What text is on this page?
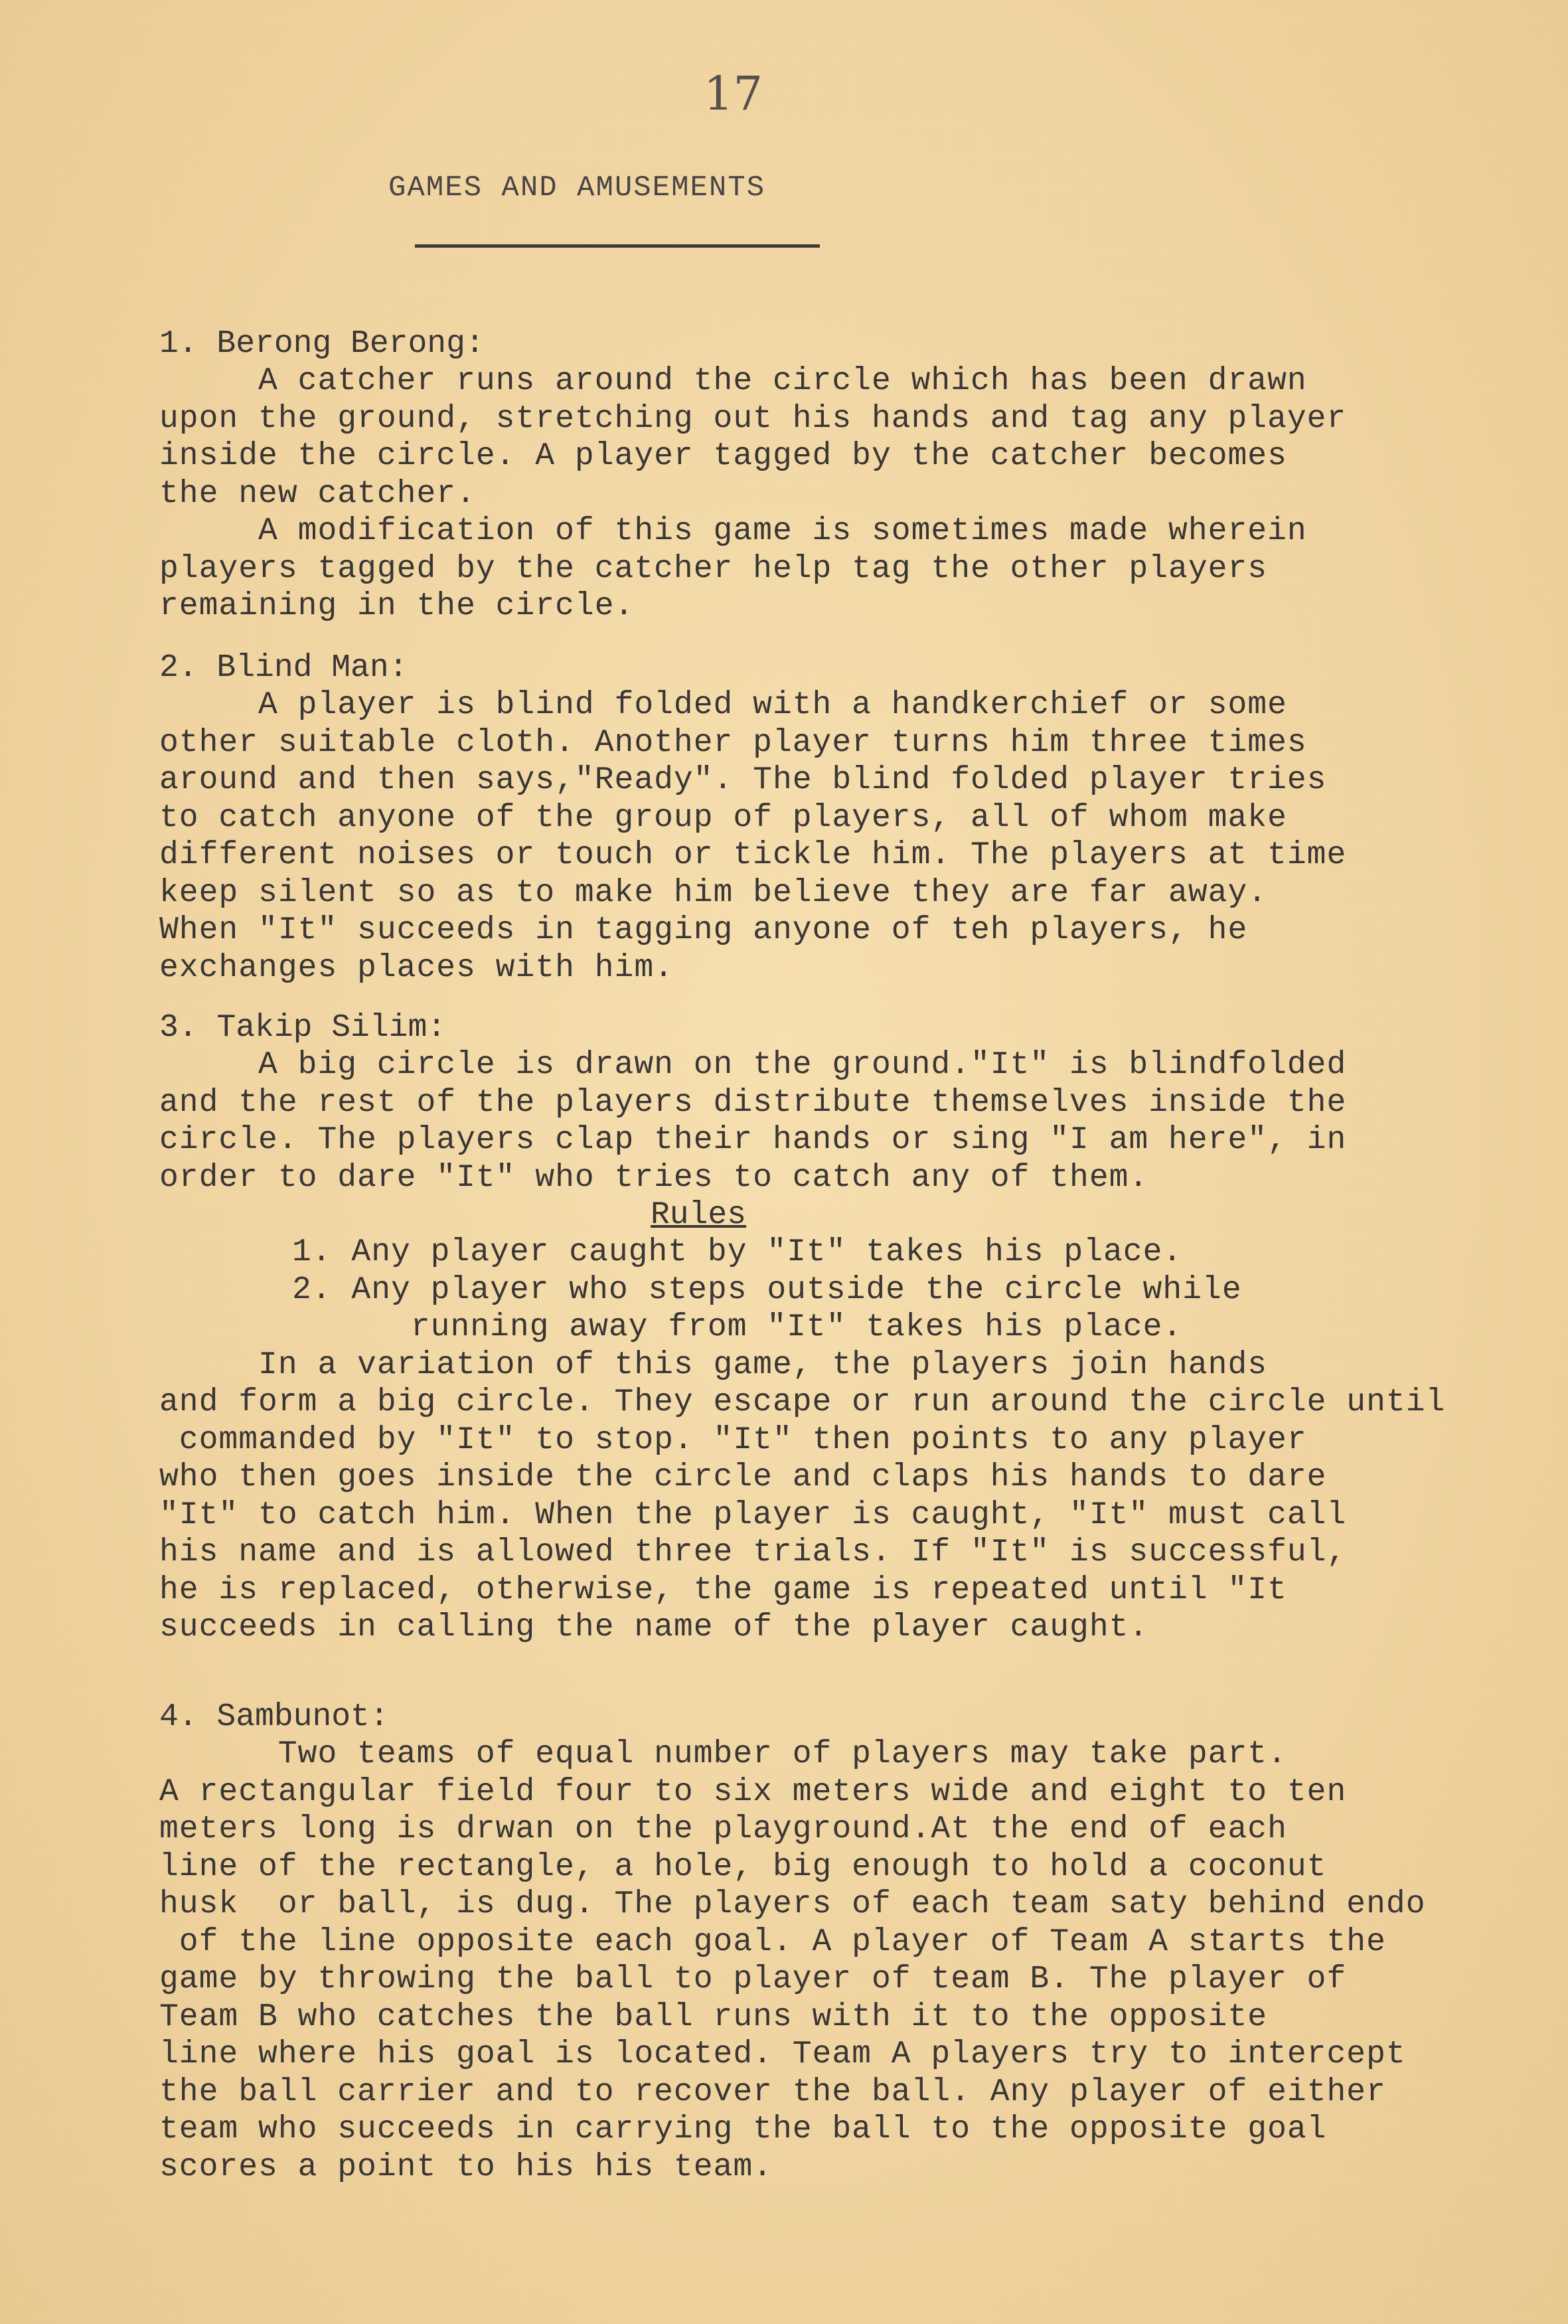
17
GAMES AND AMUSEMENTS
1. Berong Berong:
A catcher runs around the circle which has been drawn
upon the ground, stretching out his hands and tag any player
inside the circle. A player tagged by the catcher becomes
the new catcher.
A modification of this game is sometimes made wherein
players tagged by the catcher help tag the other players
remaining in the circle.
2. Blind Man:
A player is blind folded with a handkerchief or some
other suitable cloth. Another player turns him three times
around and then says,"Ready". The blind folded player tries
to catch anyone of the group of players, all of whom make
different noises or touch or tickle him. The players at time
keep silent so as to make him believe they are far away.
When "It" succeeds in tagging anyone of teh players, he
exchanges places with him.
3. Takip Silim:
A big circle is drawn on the ground."It" is blindfolded
and the rest of the players distribute themselves inside the
circle. The players clap their hands or sing "I am here", in
order to dare "It" who tries to catch any of them.
Rules
1. Any player caught by "It" takes his place.
2. Any player who steps outside the circle while
running away from "It" takes his place.
In a variation of this game, the players join hands
and form a big circle. They escape or run around the circle until
commanded by "It" to stop. "It" then points to any player
who then goes inside the circle and claps his hands to dare
"It" to catch him. When the player is caught, "It" must call
his name and is allowed three trials. If "It" is successful,
he is replaced, otherwise, the game is repeated until "It
succeeds in calling the name of the player caught.
4. Sambunot:
Two teams of equal number of players may take part.
A rectangular field four to six meters wide and eight to ten
meters long is drwan on the playground.At the end of each
line of the rectangle, a hole, big enough to hold a coconut
husk  or ball, is dug. The players of each team saty behind endo
of the line opposite each goal. A player of Team A starts the
game by throwing the ball to player of team B. The player of
Team B who catches the ball runs with it to the opposite
line where his goal is located. Team A players try to intercept
the ball carrier and to recover the ball. Any player of either
team who succeeds in carrying the ball to the opposite goal
scores a point to his his team.
